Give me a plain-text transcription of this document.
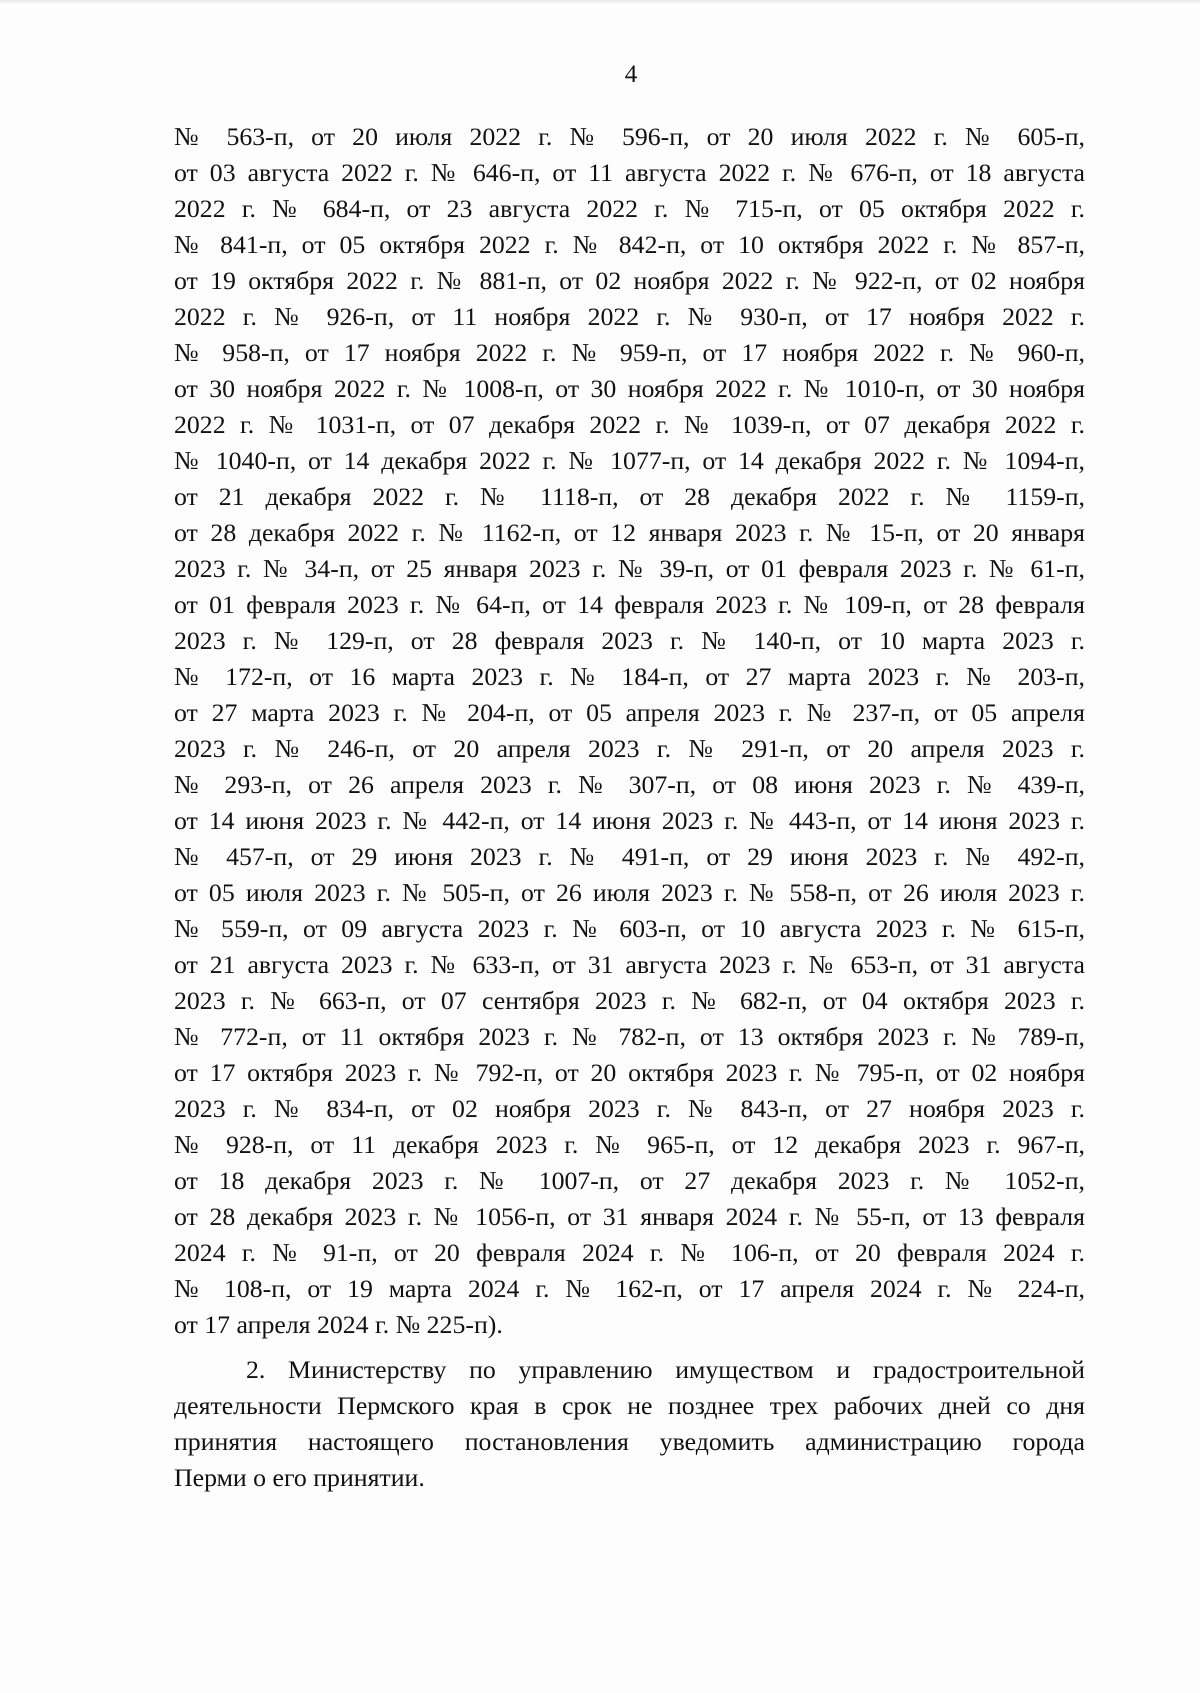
4
№ 563-п, от 20 июля 2022 г. № 596-п, от 20 июля 2022 г. № 605-п,
от 03 августа 2022 г. № 646-п, от 11 августа 2022 г. № 676-п, от 18 августа
2022 г. № 684-п, от 23 августа 2022 г. № 715-п, от 05 октября 2022 г.
№ 841-п, от 05 октября 2022 г. № 842-п, от 10 октября 2022 г. № 857-п,
от 19 октября 2022 г. № 881-п, от 02 ноября 2022 г. № 922-п, от 02 ноября
2022 г. № 926-п, от 11 ноября 2022 г. № 930-п, от 17 ноября 2022 г.
№ 958-п, от 17 ноября 2022 г. № 959-п, от 17 ноября 2022 г. № 960-п,
от 30 ноября 2022 г. № 1008-п, от 30 ноября 2022 г. № 1010-п, от 30 ноября
2022 г. № 1031-п, от 07 декабря 2022 г. № 1039-п, от 07 декабря 2022 г.
№ 1040-п, от 14 декабря 2022 г. № 1077-п, от 14 декабря 2022 г. № 1094-п,
от 21 декабря 2022 г. № 1118-п, от 28 декабря 2022 г. № 1159-п,
от 28 декабря 2022 г. № 1162-п, от 12 января 2023 г. № 15-п, от 20 января
2023 г. № 34-п, от 25 января 2023 г. № 39-п, от 01 февраля 2023 г. № 61-п,
от 01 февраля 2023 г. № 64-п, от 14 февраля 2023 г. № 109-п, от 28 февраля
2023 г. № 129-п, от 28 февраля 2023 г. № 140-п, от 10 марта 2023 г.
№ 172-п, от 16 марта 2023 г. № 184-п, от 27 марта 2023 г. № 203-п,
от 27 марта 2023 г. № 204-п, от 05 апреля 2023 г. № 237-п, от 05 апреля
2023 г. № 246-п, от 20 апреля 2023 г. № 291-п, от 20 апреля 2023 г.
№ 293-п, от 26 апреля 2023 г. № 307-п, от 08 июня 2023 г. № 439-п,
от 14 июня 2023 г. № 442-п, от 14 июня 2023 г. № 443-п, от 14 июня 2023 г.
№ 457-п, от 29 июня 2023 г. № 491-п, от 29 июня 2023 г. № 492-п,
от 05 июля 2023 г. № 505-п, от 26 июля 2023 г. № 558-п, от 26 июля 2023 г.
№ 559-п, от 09 августа 2023 г. № 603-п, от 10 августа 2023 г. № 615-п,
от 21 августа 2023 г. № 633-п, от 31 августа 2023 г. № 653-п, от 31 августа
2023 г. № 663-п, от 07 сентября 2023 г. № 682-п, от 04 октября 2023 г.
№ 772-п, от 11 октября 2023 г. № 782-п, от 13 октября 2023 г. № 789-п,
от 17 октября 2023 г. № 792-п, от 20 октября 2023 г. № 795-п, от 02 ноября
2023 г. № 834-п, от 02 ноября 2023 г. № 843-п, от 27 ноября 2023 г.
№ 928-п, от 11 декабря 2023 г. № 965-п, от 12 декабря 2023 г. 967-п,
от 18 декабря 2023 г. № 1007-п, от 27 декабря 2023 г. № 1052-п,
от 28 декабря 2023 г. № 1056-п, от 31 января 2024 г. № 55-п, от 13 февраля
2024 г. № 91-п, от 20 февраля 2024 г. № 106-п, от 20 февраля 2024 г.
№ 108-п, от 19 марта 2024 г. № 162-п, от 17 апреля 2024 г. № 224-п,
от 17 апреля 2024 г. № 225-п).
2. Министерству по управлению имуществом и градостроительной
деятельности Пермского края в срок не позднее трех рабочих дней со дня
принятия настоящего постановления уведомить администрацию города
Перми о его принятии.
